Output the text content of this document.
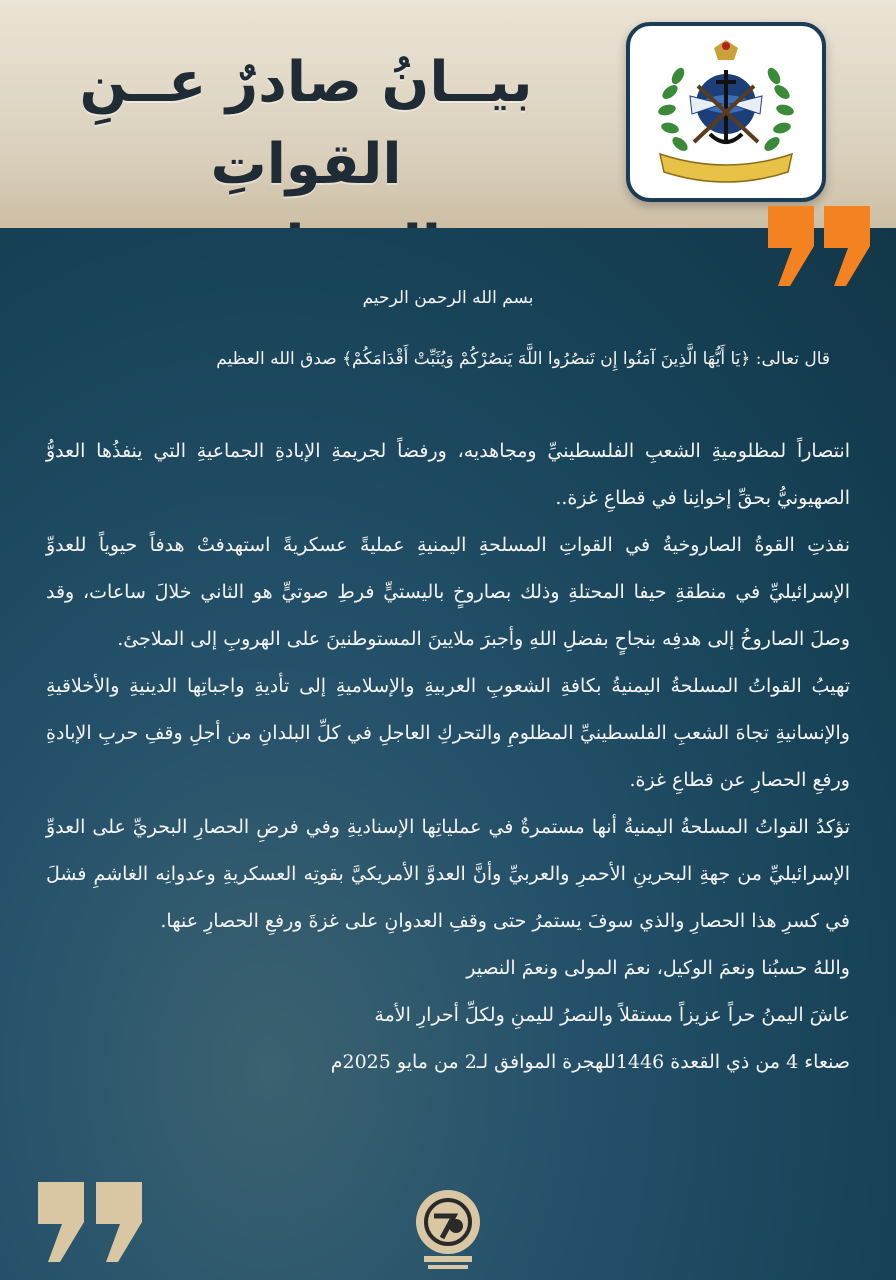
بيــانُ صادرٌ عــنِ القواتِ
بسم الله الرحمن الرحيم
قال تعالى: ﴿يَا أَيُّهَا الَّذِينَ آمَنُوا إِن تَنصُرُوا اللَّهَ يَنصُرْكُمْ وَيُثَبِّتْ أَقْدَامَكُمْ﴾ صدق الله العظيم

انتصاراً لمظلوميةِ الشعبِ الفلسطينيِّ ومجاهديه، ورفضاً لجريمةِ الإبادةِ الجماعيةِ التي ينفذُها العدوُّ الصهيونيُّ بحقِّ إخوانِنا في قطاعِ غزة..

نفذتِ القوةُ الصاروخيةُ في القواتِ المسلحةِ اليمنيةِ عمليةً عسكريةً استهدفتْ هدفاً حيوياً للعدوِّ الإسرائيليِّ في منطقةِ حيفا المحتلةِ وذلك بصاروخٍ باليستيٍّ فرطِ صوتيٍّ هو الثاني خلالَ ساعات، وقد وصلَ الصاروخُ إلى هدفِه بنجاحٍ بفضلِ اللهِ وأجبرَ ملايينَ المستوطنينَ على الهروبِ إلى الملاجئ.

تهيبُ القواتُ المسلحةُ اليمنيةُ بكافةِ الشعوبِ العربيةِ والإسلاميةِ إلى تأديةِ واجباتِها الدينيةِ والأخلاقيةِ والإنسانيةِ تجاهَ الشعبِ الفلسطينيِّ المظلومِ والتحركِ العاجلِ في كلِّ البلدانِ من أجلِ وقفِ حربِ الإبادةِ ورفعِ الحصارِ عن قطاعِ غزة.

تؤكدُ القواتُ المسلحةُ اليمنيةُ أنها مستمرةٌ في عملياتِها الإسناديةِ وفي فرضِ الحصارِ البحريِّ على العدوِّ الإسرائيليِّ من جهةِ البحرينِ الأحمرِ والعربيِّ وأنَّ العدوَّ الأمريكيَّ بقوتِه العسكريةِ وعدوانِه الغاشمِ فشلَ في كسرِ هذا الحصارِ والذي سوفَ يستمرُ حتى وقفِ العدوانِ على غزةَ ورفعِ الحصارِ عنها.

واللهُ حسبُنا ونعمَ الوكيل، نعمَ المولى ونعمَ النصير

عاشَ اليمنُ حراً عزيزاً مستقلاً والنصرُ لليمنِ ولكلِّ أحرارِ الأمة

صنعاء 4 من ذي القعدة 1446للهجرة الموافق لـ2 من مايو 2025م
